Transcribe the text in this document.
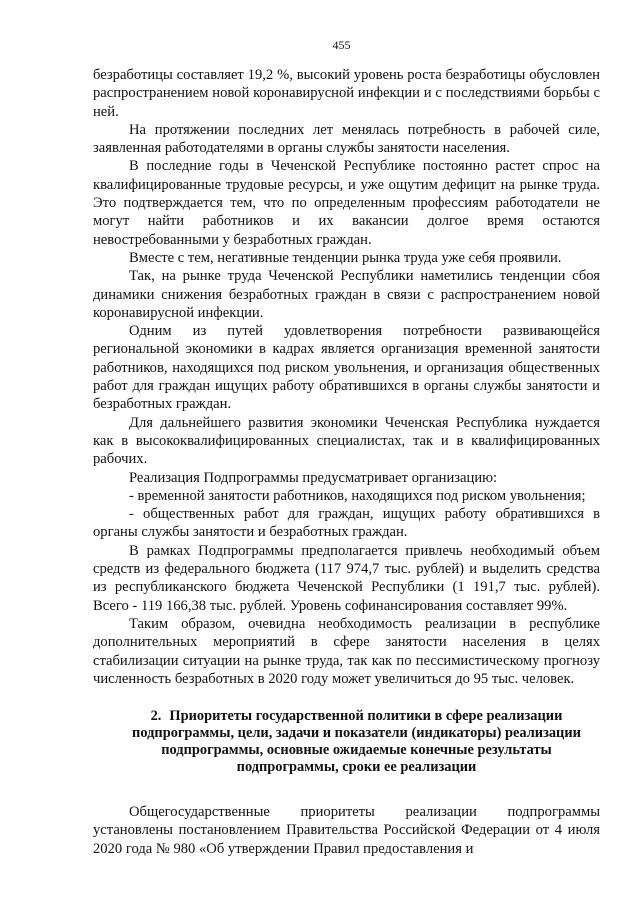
455

безработицы составляет 19,2 %, высокий уровень роста безработицы обусловлен распространением новой коронавирусной инфекции и с последствиями борьбы с ней.

На протяжении последних лет менялась потребность в рабочей силе, заявленная работодателями в органы службы занятости населения.

В последние годы в Чеченской Республике постоянно растет спрос на квалифицированные трудовые ресурсы, и уже ощутим дефицит на рынке труда. Это подтверждается тем, что по определенным профессиям работодатели не могут найти работников и их вакансии долгое время остаются невостребованными у безработных граждан.

Вместе с тем, негативные тенденции рынка труда уже себя проявили.

Так, на рынке труда Чеченской Республики наметились тенденции сбоя динамики снижения безработных граждан в связи с распространением новой коронавирусной инфекции.

Одним из путей удовлетворения потребности развивающейся региональной экономики в кадрах является организация временной занятости работников, находящихся под риском увольнения, и организация общественных работ для граждан ищущих работу обратившихся в органы службы занятости и безработных граждан.

Для дальнейшего развития экономики Чеченская Республика нуждается как в высококвалифицированных специалистах, так и в квалифицированных рабочих.

Реализация Подпрограммы предусматривает организацию:

- временной занятости работников, находящихся под риском увольнения;

- общественных работ для граждан, ищущих работу обратившихся в органы службы занятости и безработных граждан.

В рамках Подпрограммы предполагается привлечь необходимый объем средств из федерального бюджета (117 974,7 тыс. рублей) и выделить средства из республиканского бюджета Чеченской Республики (1 191,7 тыс. рублей). Всего - 119 166,38 тыс. рублей. Уровень софинансирования составляет 99%.

Таким образом, очевидна необходимость реализации в республике дополнительных мероприятий в сфере занятости населения в целях стабилизации ситуации на рынке труда, так как по пессимистическому прогнозу численность безработных в 2020 году может увеличиться до 95 тыс. человек.

2. Приоритеты государственной политики в сфере реализации подпрограммы, цели, задачи и показатели (индикаторы) реализации подпрограммы, основные ожидаемые конечные результаты подпрограммы, сроки ее реализации

Общегосударственные приоритеты реализации подпрограммы установлены постановлением Правительства Российской Федерации от 4 июля 2020 года № 980 «Об утверждении Правил предоставления и
